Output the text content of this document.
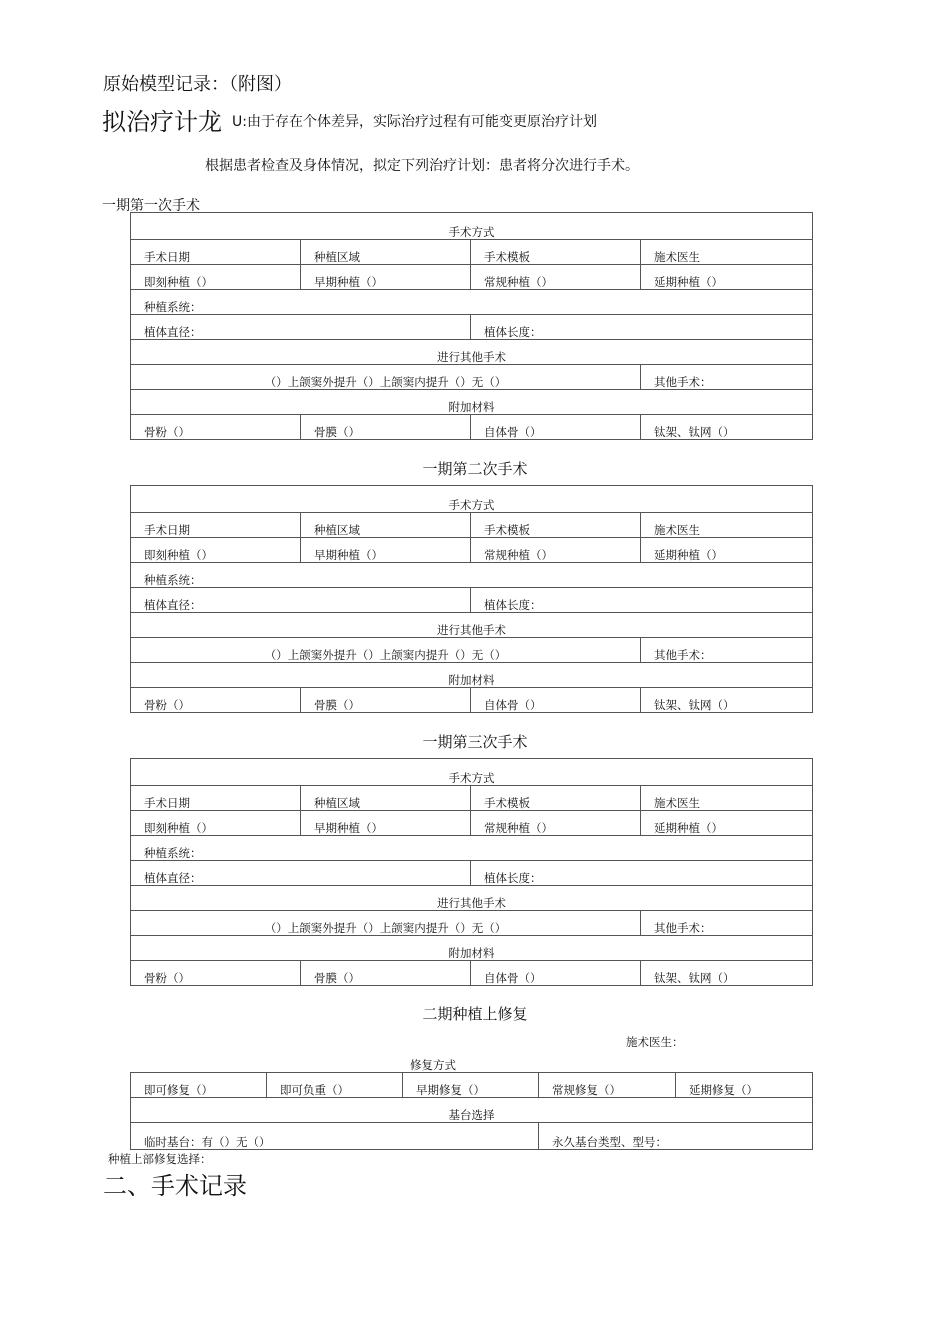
原始模型记录：（附图）
拟治疗计龙 U:由于存在个体差异，实际治疗过程有可能变更原治疗计划
根据患者检查及身体情况，拟定下列治疗计划：患者将分次进行手术。
一期第一次手术
手术方式			
手术日期	种植区域	手术模板	施术医生
即刻种植（）	早期种植（）	常规种植（）	延期种植（）
种植系统：			
植体直径：		植体长度：	
进行其他手术			
（）上颌窦外提升（）上颌窦内提升（）无（）			其他手术：
附加材料			
骨粉（）	骨膜（）	自体骨（）	钛架、钛网（）
一期第二次手术
手术方式			
手术日期	种植区域	手术模板	施术医生
即刻种植（）	早期种植（）	常规种植（）	延期种植（）
种植系统：			
植体直径：		植体长度：	
进行其他手术			
（）上颌窦外提升（）上颌窦内提升（）无（）			其他手术：
附加材料			
骨粉（）	骨膜（）	自体骨（）	钛架、钛网（）
一期第三次手术
手术方式			
手术日期	种植区域	手术模板	施术医生
即刻种植（）	早期种植（）	常规种植（）	延期种植（）
种植系统：			
植体直径：		植体长度：	
进行其他手术			
（）上颌窦外提升（）上颌窦内提升（）无（）			其他手术：
附加材料			
骨粉（）	骨膜（）	自体骨（）	钛架、钛网（）
二期种植上修复
施术医生：
修复方式
即可修复（）	即可负重（）	早期修复（）	常规修复（）	延期修复（）
基台选择				
临时基台：有（）无（）			永久基台类型、型号：	
种植上部修复选择：
二、手术记录
